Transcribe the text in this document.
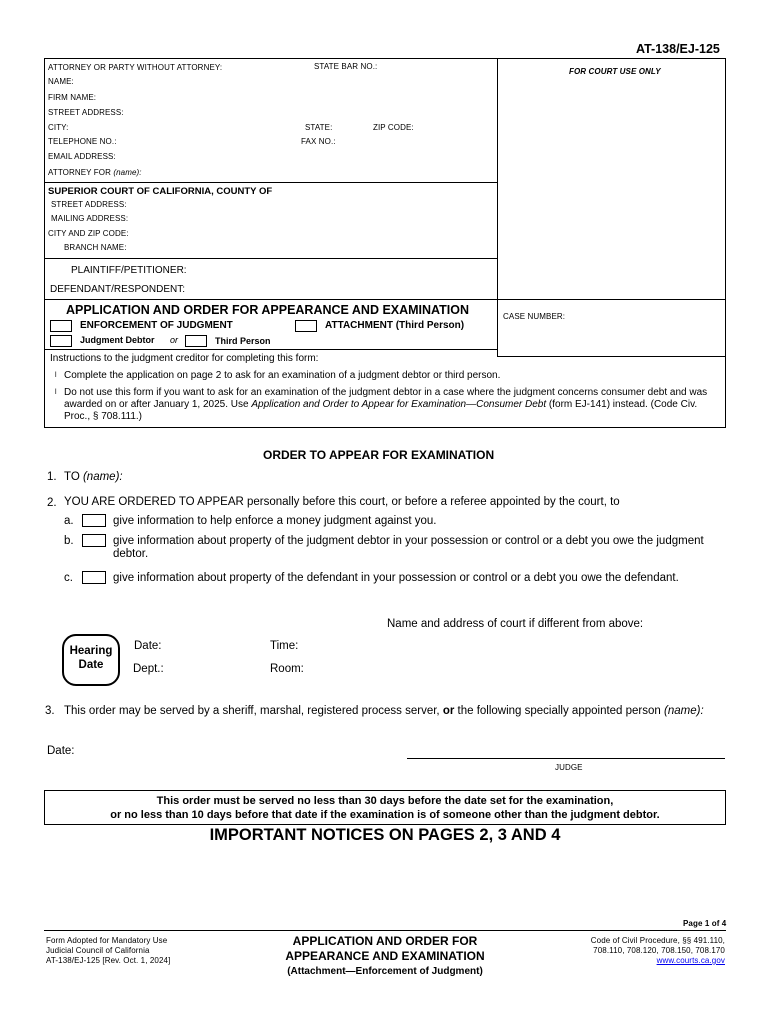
AT-138/EJ-125
ATTORNEY OR PARTY WITHOUT ATTORNEY:	STATE BAR NO.:
FOR COURT USE ONLY
NAME:
FIRM NAME:
STREET ADDRESS:
CITY:	STATE:	ZIP CODE:
TELEPHONE NO.:	FAX NO.:
EMAIL ADDRESS:
ATTORNEY FOR (name):
SUPERIOR COURT OF CALIFORNIA, COUNTY OF
STREET ADDRESS:
MAILING ADDRESS:
CITY AND ZIP CODE:
BRANCH NAME:
PLAINTIFF/PETITIONER:
DEFENDANT/RESPONDENT:
APPLICATION AND ORDER FOR APPEARANCE AND EXAMINATION	CASE NUMBER:
ENFORCEMENT OF JUDGMENT	ATTACHMENT (Third Person)
Judgment Debtor or	Third Person
Instructions to the judgment creditor for completing this form:
l Complete the application on page 2 to ask for an examination of a judgment debtor or third person.
l Do not use this form if you want to ask for an examination of the judgment debtor in a case where the judgment concerns consumer debt and was
awarded on or after January 1, 2025. Use Application and Order to Appear for Examination—Consumer Debt (form EJ-141) instead. (Code Civ.
Proc., § 708.111.)
ORDER TO APPEAR FOR EXAMINATION
1. TO (name):
2. YOU ARE ORDERED TO APPEAR personally before this court, or before a referee appointed by the court, to
a.	give information to help enforce a money judgment against you.
b.	give information about property of the judgment debtor in your possession or control or a debt you owe the judgment
debtor.
c.	give information about property of the defendant in your possession or control or a debt you owe the defendant.
Name and address of court if different from above:
Hearing
Date
Date:	Time:
Dept.:	Room:
3. This order may be served by a sheriff, marshal, registered process server, or the following specially appointed person (name):
Date:
JUDGE
This order must be served no less than 30 days before the date set for the examination,
or no less than 10 days before that date if the examination is of someone other than the judgment debtor.
IMPORTANT NOTICES ON PAGES 2, 3 AND 4
Page 1 of 4
Form Adopted for Mandatory Use
Judicial Council of California
AT-138/EJ-125 [Rev. Oct. 1, 2024]
APPLICATION AND ORDER FOR
APPEARANCE AND EXAMINATION
(Attachment—Enforcement of Judgment)
Code of Civil Procedure, §§ 491.110,
708.110, 708.120, 708.150, 708.170
www.courts.ca.gov
